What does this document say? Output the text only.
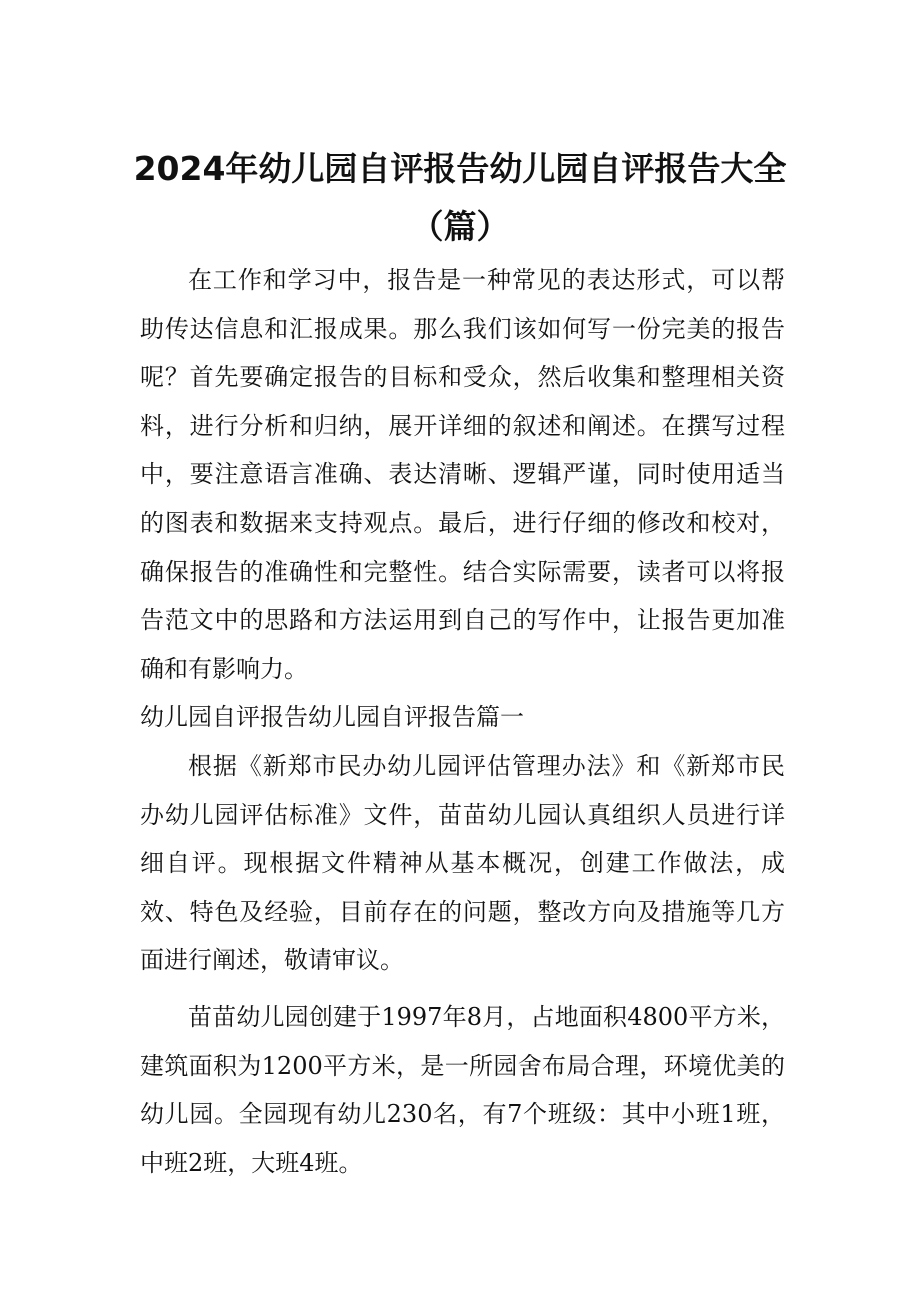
2024年幼儿园自评报告幼儿园自评报告大全（篇）

在工作和学习中，报告是一种常见的表达形式，可以帮助传达信息和汇报成果。那么我们该如何写一份完美的报告呢？首先要确定报告的目标和受众，然后收集和整理相关资料，进行分析和归纳，展开详细的叙述和阐述。在撰写过程中，要注意语言准确、表达清晰、逻辑严谨，同时使用适当的图表和数据来支持观点。最后，进行仔细的修改和校对，确保报告的准确性和完整性。结合实际需要，读者可以将报告范文中的思路和方法运用到自己的写作中，让报告更加准确和有影响力。

幼儿园自评报告幼儿园自评报告篇一

根据《新郑市民办幼儿园评估管理办法》和《新郑市民办幼儿园评估标准》文件，苗苗幼儿园认真组织人员进行详细自评。现根据文件精神从基本概况，创建工作做法，成效、特色及经验，目前存在的问题，整改方向及措施等几方面进行阐述，敬请审议。

苗苗幼儿园创建于1997年8月，占地面积4800平方米，建筑面积为1200平方米，是一所园舍布局合理，环境优美的幼儿园。全园现有幼儿230名，有7个班级：其中小班1班，中班2班，大班4班。
